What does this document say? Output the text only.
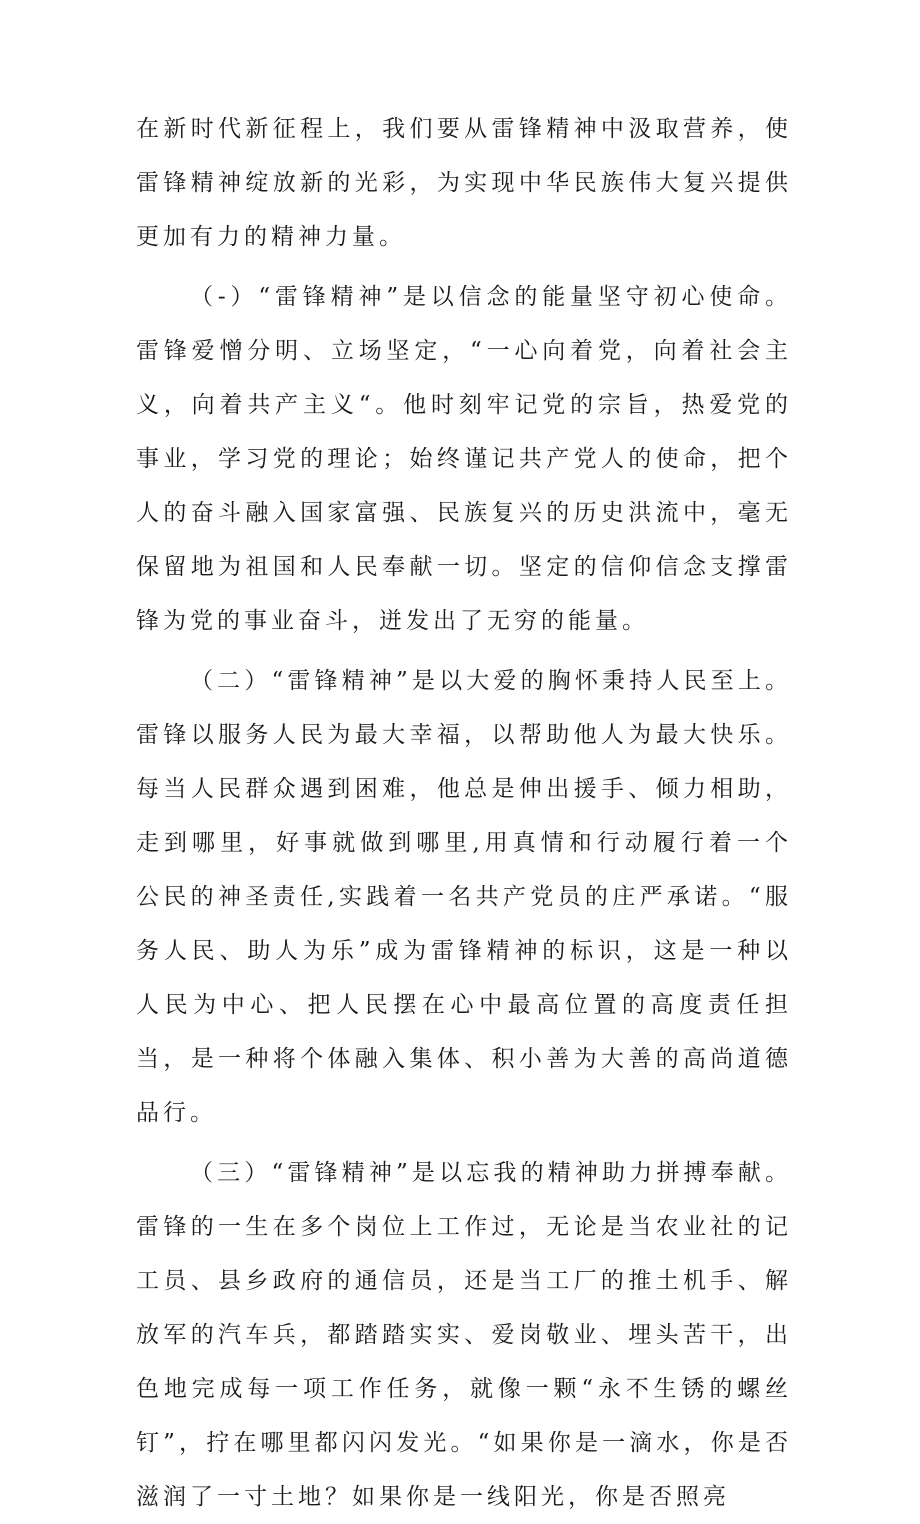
在新时代新征程上，我们要从雷锋精神中汲取营养，使雷锋精神绽放新的光彩，为实现中华民族伟大复兴提供更加有力的精神力量。

（-）“雷锋精神”是以信念的能量坚守初心使命。雷锋爱憎分明、立场坚定，“一心向着党，向着社会主义，向着共产主义“。他时刻牢记党的宗旨，热爱党的事业，学习党的理论；始终谨记共产党人的使命，把个人的奋斗融入国家富强、民族复兴的历史洪流中，毫无保留地为祖国和人民奉献一切。坚定的信仰信念支撑雷锋为党的事业奋斗，迸发出了无穷的能量。

（二）“雷锋精神”是以大爱的胸怀秉持人民至上。雷锋以服务人民为最大幸福，以帮助他人为最大快乐。每当人民群众遇到困难，他总是伸出援手、倾力相助，走到哪里，好事就做到哪里,用真情和行动履行着一个公民的神圣责任,实践着一名共产党员的庄严承诺。“服务人民、助人为乐”成为雷锋精神的标识，这是一种以人民为中心、把人民摆在心中最高位置的高度责任担当，是一种将个体融入集体、积小善为大善的高尚道德品行。

（三）“雷锋精神”是以忘我的精神助力拼搏奉献。雷锋的一生在多个岗位上工作过，无论是当农业社的记工员、县乡政府的通信员，还是当工厂的推土机手、解放军的汽车兵，都踏踏实实、爱岗敬业、埋头苦干，出色地完成每一项工作任务，就像一颗“永不生锈的螺丝钉”，拧在哪里都闪闪发光。“如果你是一滴水，你是否滋润了一寸土地？如果你是一线阳光，你是否照亮
